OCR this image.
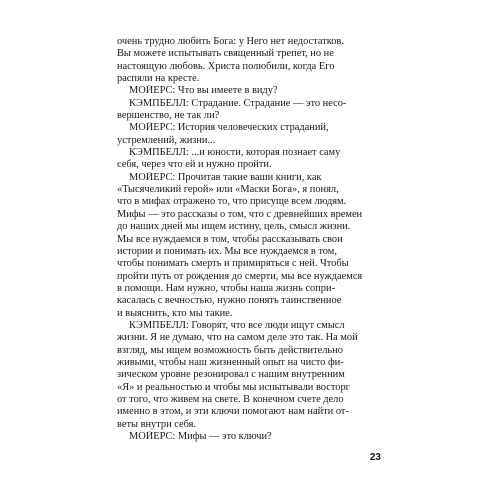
очень трудно любить Бога: у Него нет недостатков.
Вы можете испытывать священный трепет, но не
настоящую любовь. Христа полюбили, когда Его
распяли на кресте.
МОЙЕРС: Что вы имеете в виду?
КЭМПБЕЛЛ: Страдание. Страдание — это несо-
вершенство, не так ли?
МОЙЕРС: История человеческих страданий,
устремлений, жизни...
КЭМПБЕЛЛ: ...и юности, которая познает саму
себя, через что ей и нужно пройти.
МОЙЕРС: Прочитав такие ваши книги, как
«Тысячеликий герой» или «Маски Бога», я понял,
что в мифах отражено то, что присуще всем людям.
Мифы — это рассказы о том, что с древнейших времен
до наших дней мы ищем истину, цель, смысл жизни.
Мы все нуждаемся в том, чтобы рассказывать свои
истории и понимать их. Мы все нуждаемся в том,
чтобы понимать смерть и примиряться с ней. Чтобы
пройти путь от рождения до смерти, мы все нуждаемся
в помощи. Нам нужно, чтобы наша жизнь сопри-
касалась с вечностью, нужно понять таинственное
и выяснить, кто мы такие.
КЭМПБЕЛЛ: Говорят, что все люди ищут смысл
жизни. Я не думаю, что на самом деле это так. На мой
взгляд, мы ищем возможность быть действительно
живыми, чтобы наш жизненный опыт на чисто фи-
зическом уровне резонировал с нашим внутренним
«Я» и реальностью и чтобы мы испытывали восторг
от того, что живем на свете. В конечном счете дело
именно в этом, и эти ключи помогают нам найти от-
веты внутри себя.
МОЙЕРС: Мифы — это ключи?
23
